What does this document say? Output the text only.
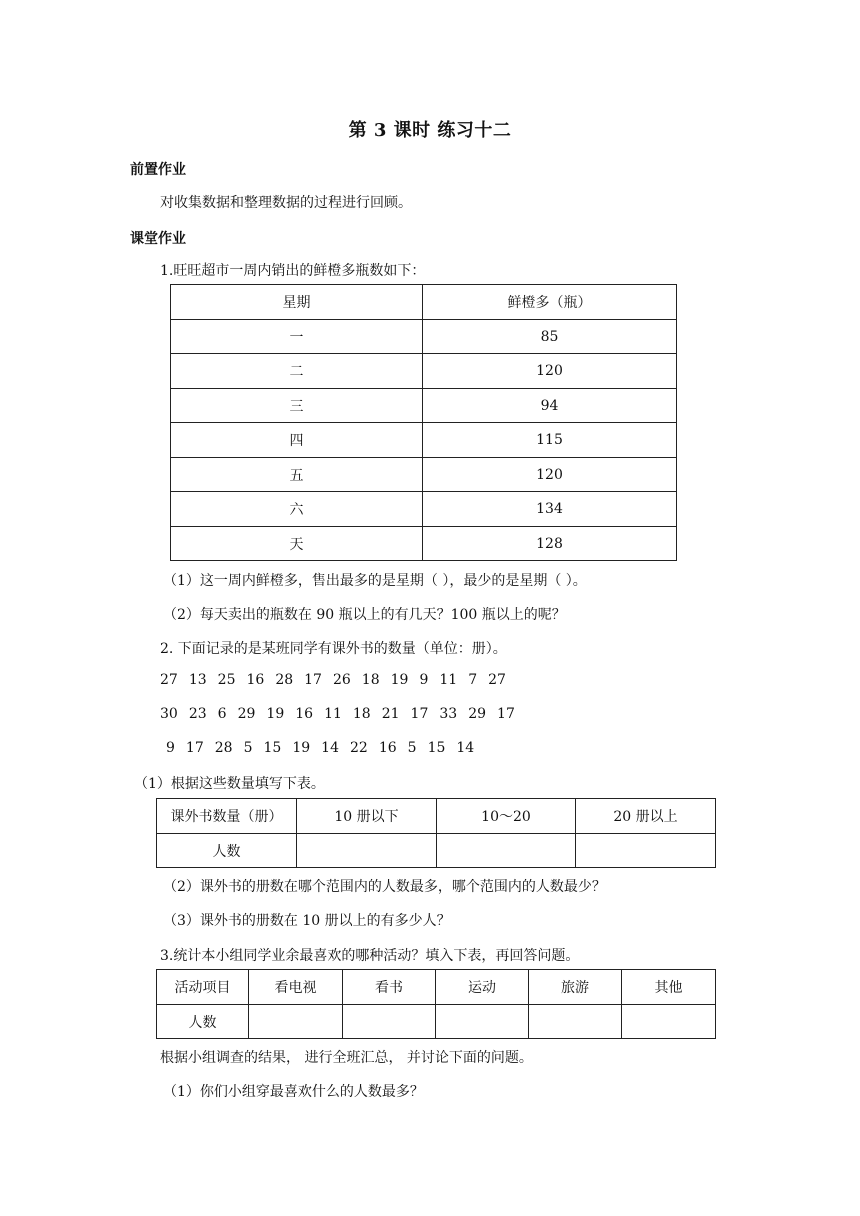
第 3 课时 练习十二
前置作业
对收集数据和整理数据的过程进行回顾。
课堂作业
1.旺旺超市一周内销出的鲜橙多瓶数如下：
星期	鲜橙多（瓶）
一	85
二	120
三	94
四	115
五	120
六	134
天	128
（1）这一周内鲜橙多，售出最多的是星期（ ），最少的是星期（ ）。
（2）每天卖出的瓶数在 90 瓶以上的有几天？100 瓶以上的呢？
2. 下面记录的是某班同学有课外书的数量（单位：册）。
27 13 25 16 28 17 26 18 19 9 11 7 27
30 23 6 29 19 16 11 18 21 17 33 29 17
9 17 28 5 15 19 14 22 16 5 15 14
（1）根据这些数量填写下表。
课外书数量（册）	10 册以下	10～20	20 册以上
人数			
（2）课外书的册数在哪个范围内的人数最多，哪个范围内的人数最少？
（3）课外书的册数在 10 册以上的有多少人？
3.统计本小组同学业余最喜欢的哪种活动？填入下表，再回答问题。
活动项目	看电视	看书	运动	旅游	其他
人数					
根据小组调查的结果， 进行全班汇总， 并讨论下面的问题。
（1）你们小组穿最喜欢什么的人数最多？
